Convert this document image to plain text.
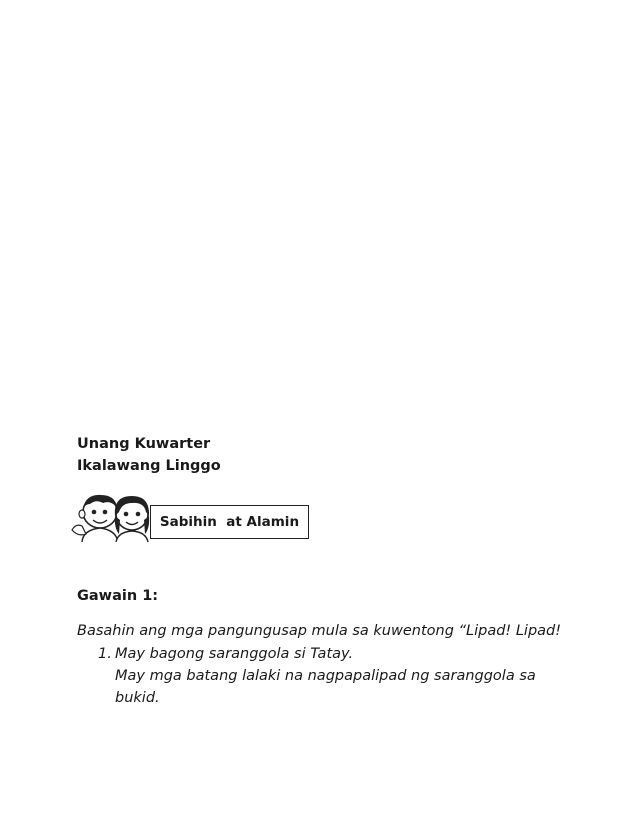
Unang Kuwarter
Ikalawang Linggo
Sabihin  at Alamin
Gawain 1:
Basahin ang mga pangungusap mula sa kuwentong “Lipad! Lipad!
1. May bagong saranggola si Tatay.
May mga batang lalaki na nagpapalipad ng saranggola sa
bukid.
